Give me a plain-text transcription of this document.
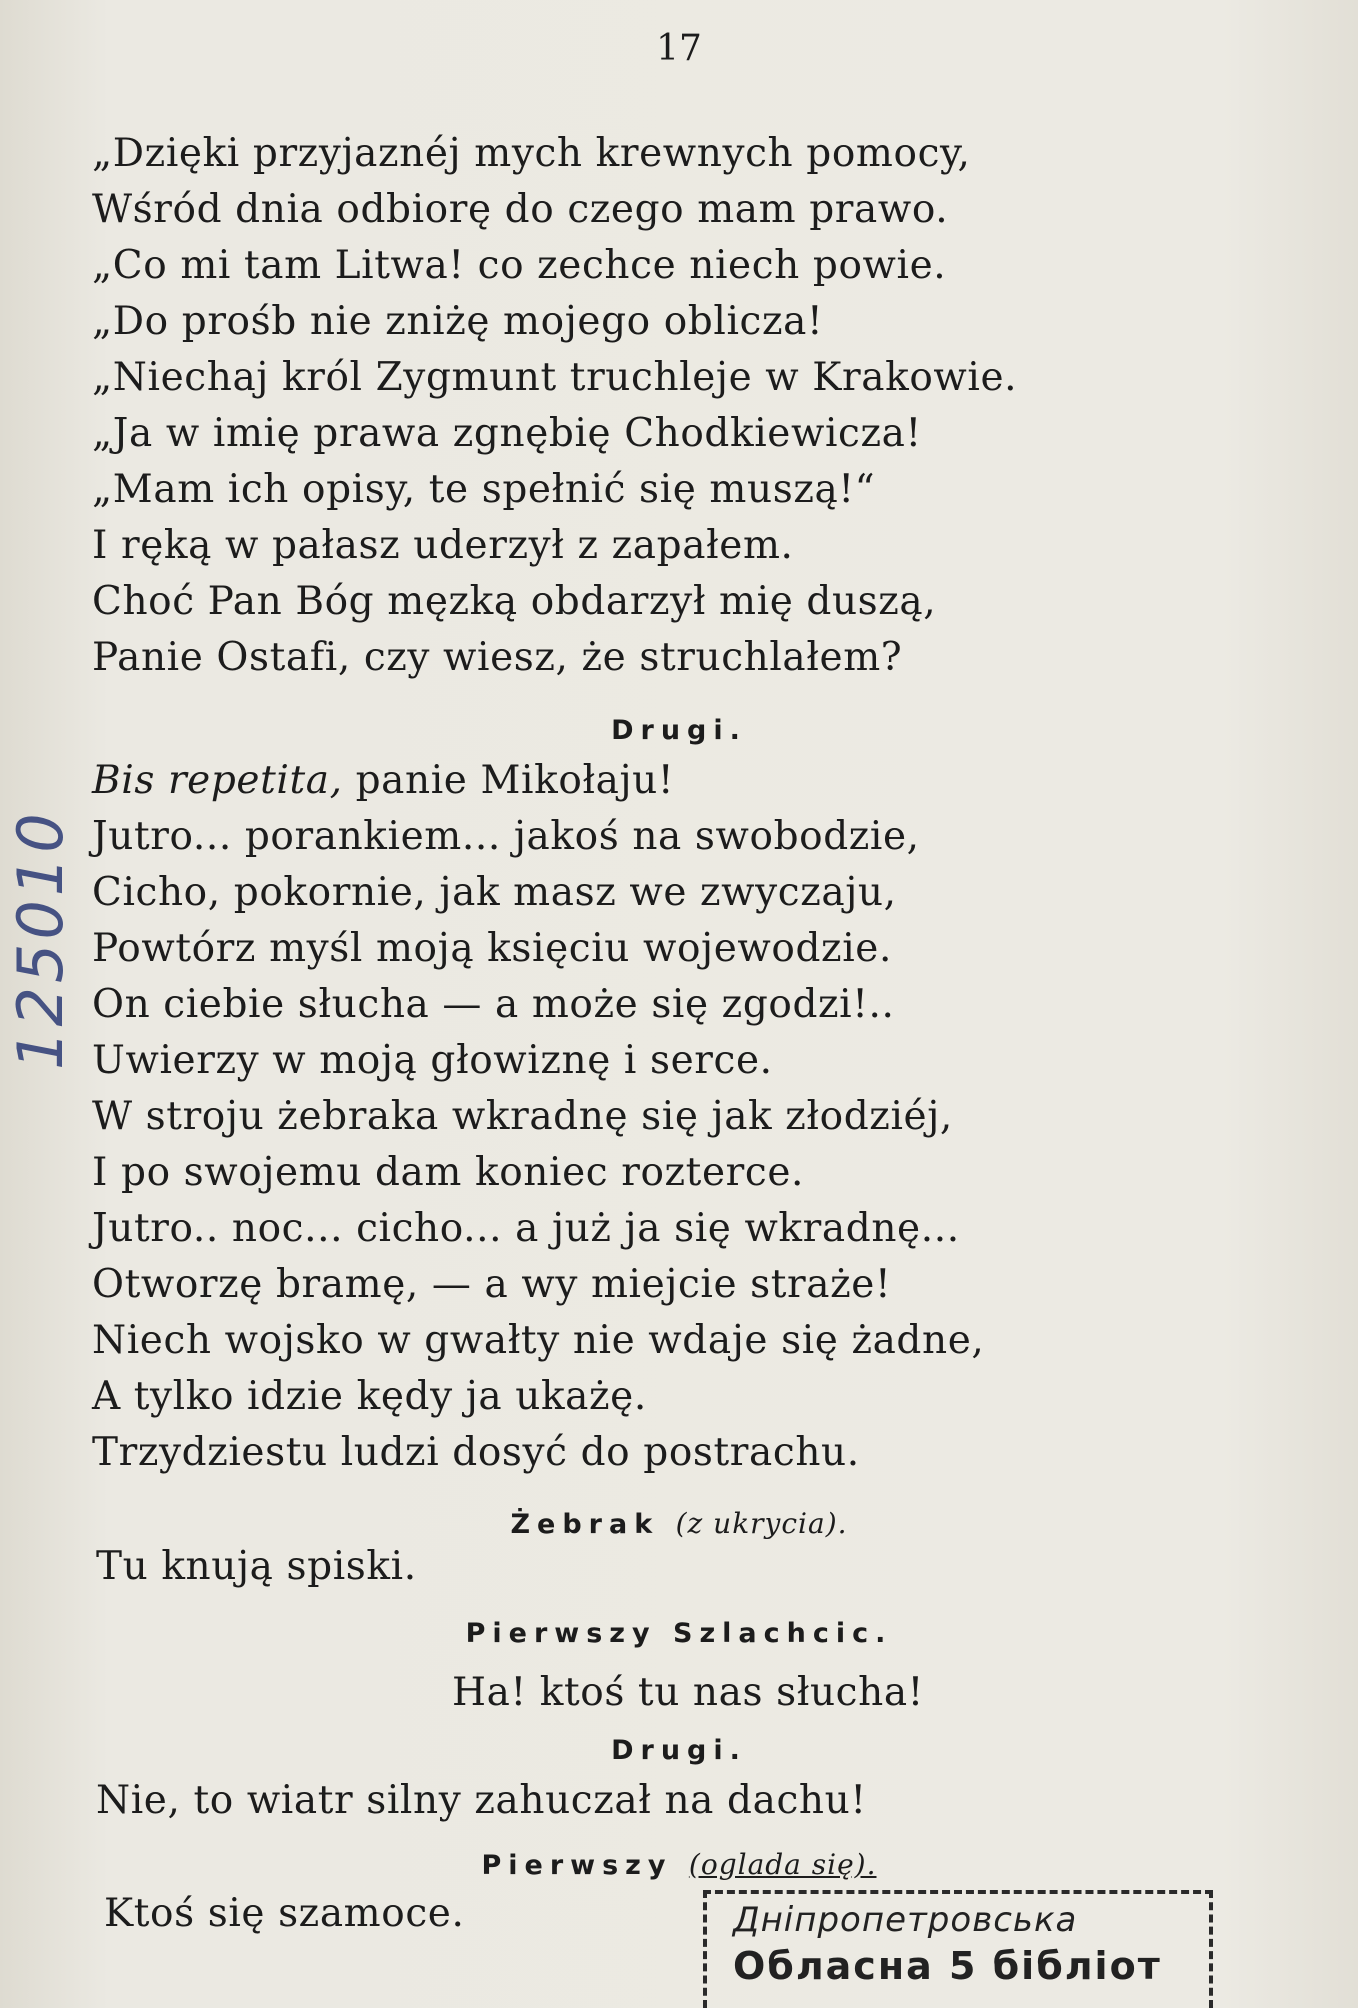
17
„Dzięki przyjaznéj mych krewnych pomocy,
Wśród dnia odbiorę do czego mam prawo.
„Co mi tam Litwa! co zechce niech powie.
„Do prośb nie zniżę mojego oblicza!
„Niechaj król Zygmunt truchleje w Krakowie.
„Ja w imię prawa zgnębię Chodkiewicza!
„Mam ich opisy, te spełnić się muszą!“
I ręką w pałasz uderzył z zapałem.
Choć Pan Bóg męzką obdarzył mię duszą,
Panie Ostafi, czy wiesz, że struchlałem?
Drugi.
Bis repetita, panie Mikołaju!
Jutro... porankiem... jakoś na swobodzie,
Cicho, pokornie, jak masz we zwyczaju,
Powtórz myśl moją księciu wojewodzie.
On ciebie słucha — a może się zgodzi!..
Uwierzy w moją głowiznę i serce.
W stroju żebraka wkradnę się jak złodziéj,
I po swojemu dam koniec rozterce.
Jutro.. noc... cicho... a już ja się wkradnę...
Otworzę bramę, — a wy miejcie straże!
Niech wojsko w gwałty nie wdaje się żadne,
A tylko idzie kędy ja ukażę.
Trzydziestu ludzi dosyć do postrachu.
Żebrak (z ukrycia).
Tu knują spiski.
Pierwszy Szlachcic.
Ha! ktoś tu nas słucha!
Drugi.
Nie, to wiatr silny zahuczał na dachu!
Pierwszy (oglada się).
Ktoś się szamoce.
125010
Днiпропетровська
Обласна 5 бiблiот
